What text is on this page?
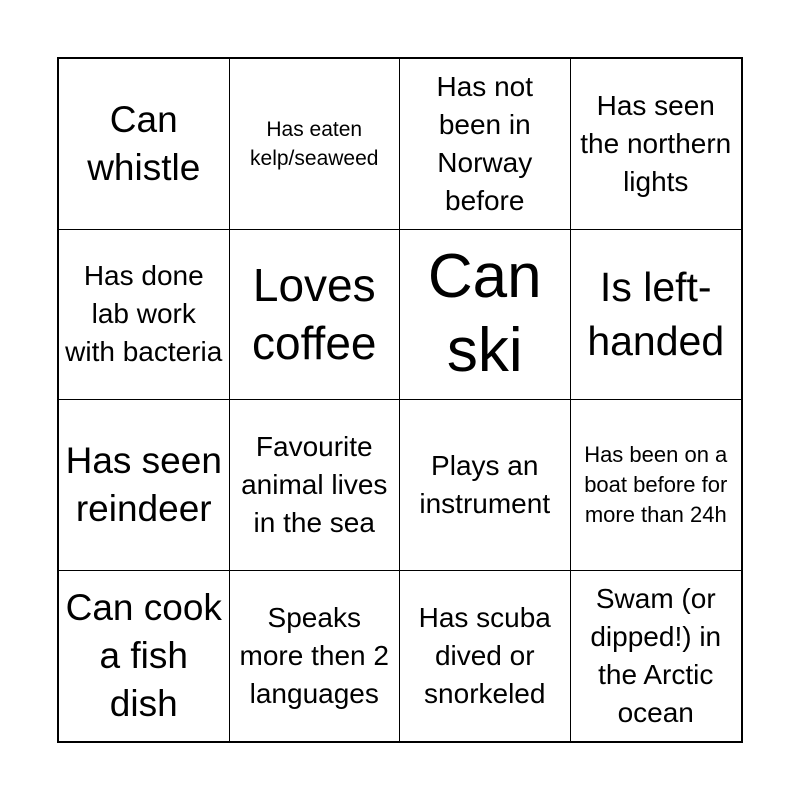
Can whistle
Has eaten kelp/seaweed
Has not been in Norway before
Has seen the northern lights
Has done lab work with bacteria
Loves coffee
Can ski
Is left-handed
Has seen reindeer
Favourite animal lives in the sea
Plays an instrument
Has been on a boat before for more than 24h
Can cook a fish dish
Speaks more then 2 languages
Has scuba dived or snorkeled
Swam (or dipped!) in the Arctic ocean
